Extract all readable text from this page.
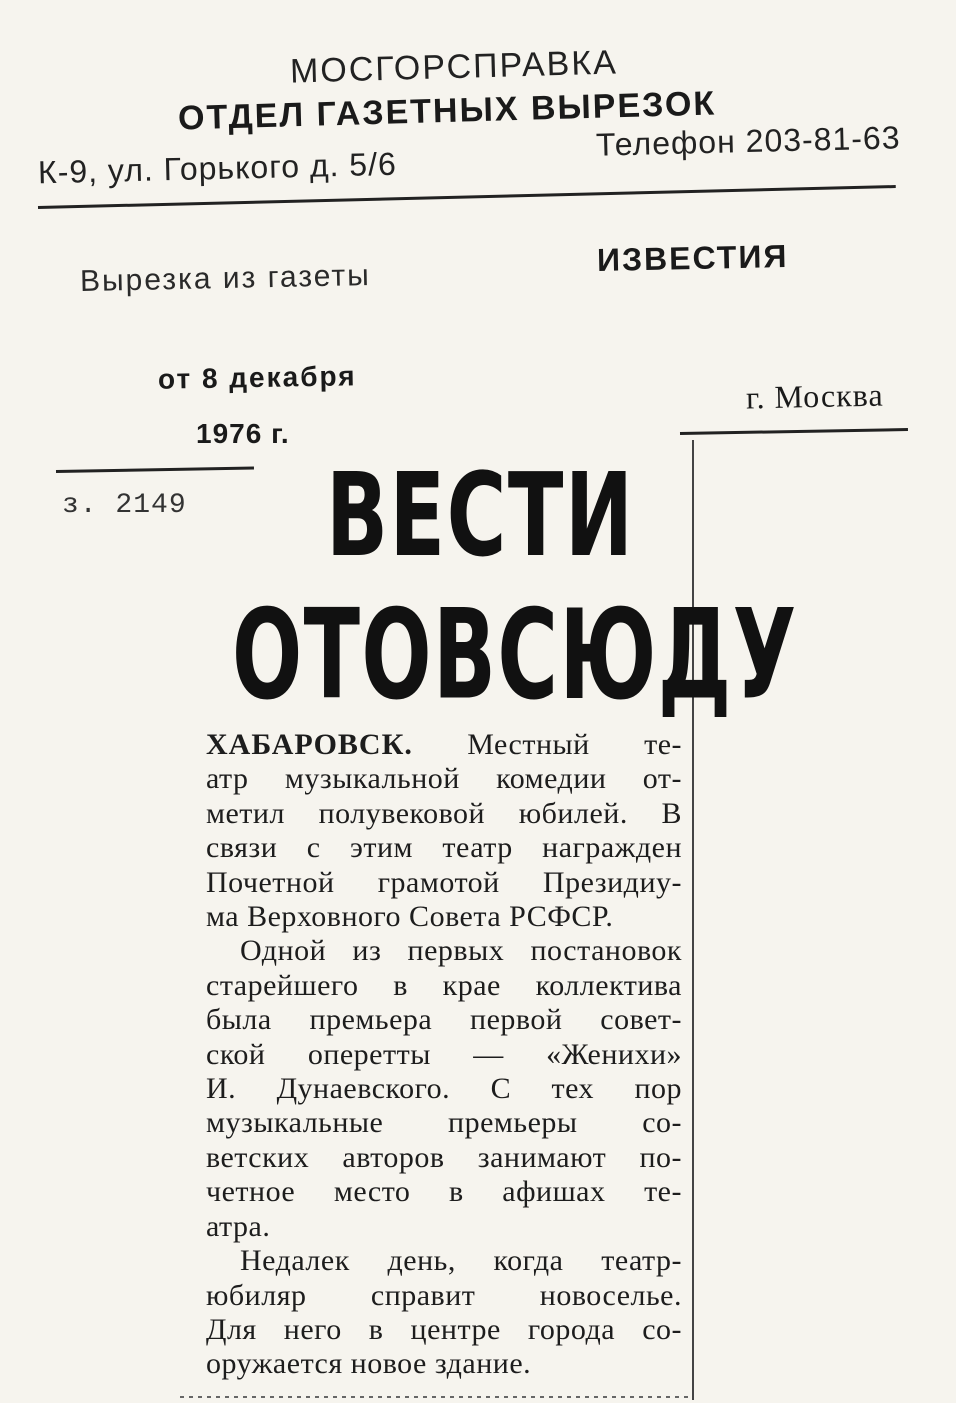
МОСГОРСПРАВКА
ОТДЕЛ ГАЗЕТНЫХ ВЫРЕЗОК
К-9, ул. Горького д. 5/6
Телефон 203-81-63
Вырезка из газеты
ИЗВЕСТИЯ
от 8 декабря
1976 г.
г. Москва
з. 2149 ВЕСТИ
ОТОВСЮДУ
ХАБАРОВСК. Местный те-
атр музыкальной комедии от-
метил полувековой юбилей. В
связи с этим театр награжден
Почетной грамотой Президиу-
ма Верховного Совета РСФСР.
Одной из первых постановок
старейшего в крае коллектива
была премьера первой совет-
ской оперетты — «Женихи»
И. Дунаевского. С тех пор
музыкальные премьеры со-
ветских авторов занимают по-
четное место в афишах те-
атра.
Недалек день, когда театр-
юбиляр справит новоселье.
Для него в центре города со-
оружается новое здание.
